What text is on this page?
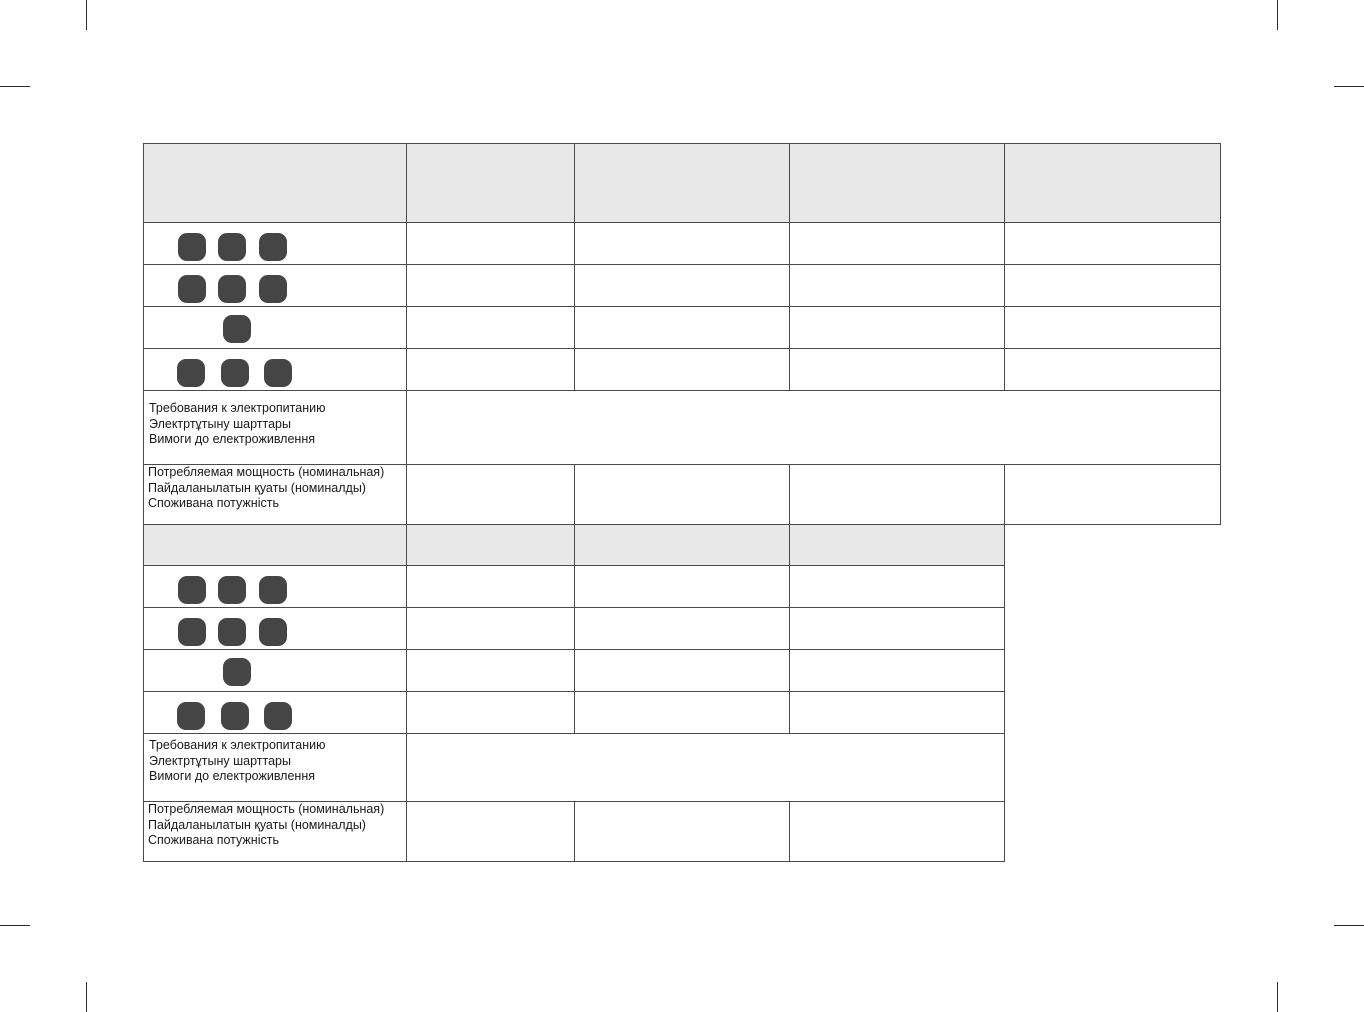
Требования к электропитанию
Электртұтыну шарттары
Вимоги до електроживлення
Потребляемая мощность (номинальная)
Пайдаланылатын қуаты (номиналды)
Споживана потужність
Требования к электропитанию
Электртұтыну шарттары
Вимоги до електроживлення
Потребляемая мощность (номинальная)
Пайдаланылатын қуаты (номиналды)
Споживана потужність
